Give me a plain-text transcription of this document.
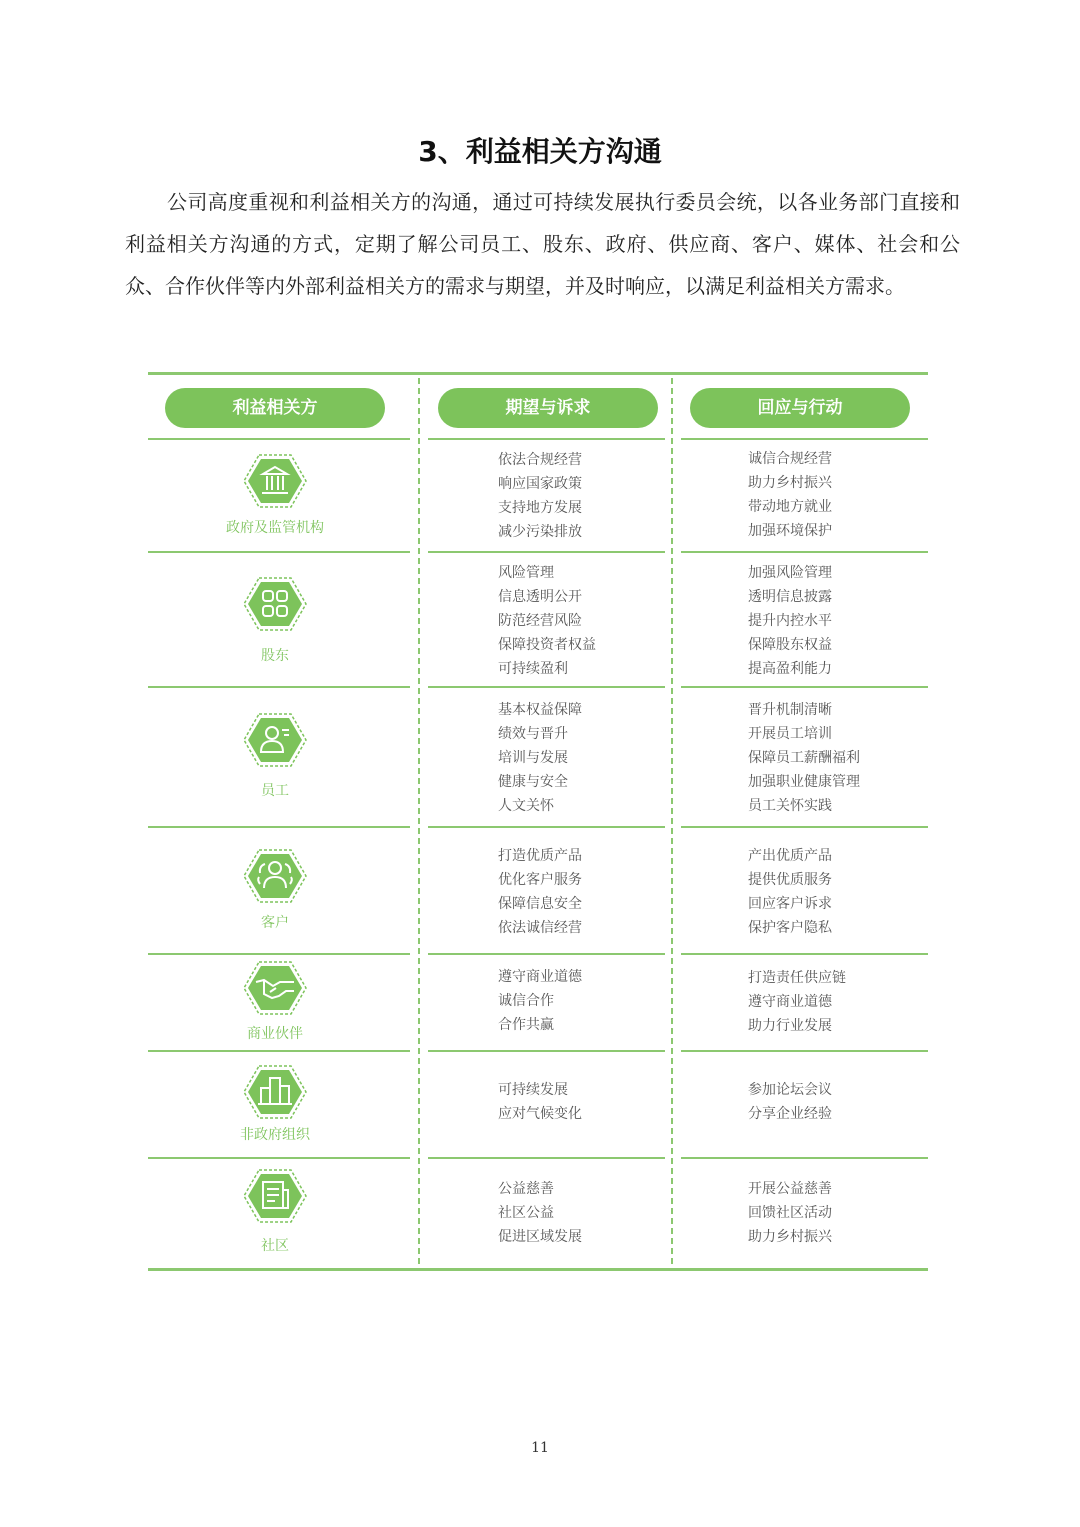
3、利益相关方沟通
公司高度重视和利益相关方的沟通，通过可持续发展执行委员会统，以各业务部门直接和利益相关方沟通的方式，定期了解公司员工、股东、政府、供应商、客户、媒体、社会和公众、合作伙伴等内外部利益相关方的需求与期望，并及时响应，以满足利益相关方需求。
利益相关方	期望与诉求	回应与行动
政府及监管机构
依法合规经营
响应国家政策
支持地方发展
减少污染排放
诚信合规经营
助力乡村振兴
带动地方就业
加强环境保护
股东
风险管理
信息透明公开
防范经营风险
保障投资者权益
可持续盈利
加强风险管理
透明信息披露
提升内控水平
保障股东权益
提高盈利能力
员工
基本权益保障
绩效与晋升
培训与发展
健康与安全
人文关怀
晋升机制清晰
开展员工培训
保障员工薪酬福利
加强职业健康管理
员工关怀实践
客户
打造优质产品
优化客户服务
保障信息安全
依法诚信经营
产出优质产品
提供优质服务
回应客户诉求
保护客户隐私
商业伙伴
遵守商业道德
诚信合作
合作共赢
打造责任供应链
遵守商业道德
助力行业发展
非政府组织
可持续发展
应对气候变化
参加论坛会议
分享企业经验
社区
公益慈善
社区公益
促进区域发展
开展公益慈善
回馈社区活动
助力乡村振兴
11
